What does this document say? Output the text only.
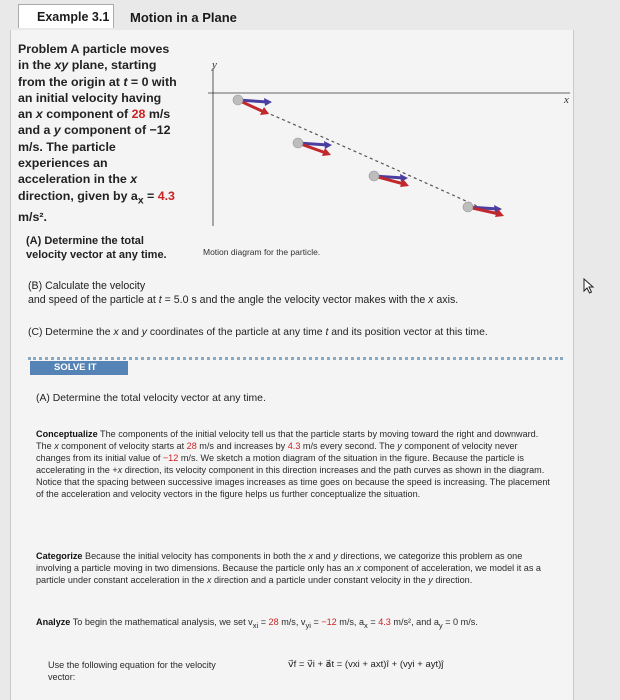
Example 3.1	Motion in a Plane
Problem A particle moves in the xy plane, starting from the origin at t = 0 with an initial velocity having an x component of 28 m/s and a y component of −12 m/s. The particle experiences an acceleration in the x direction, given by $a_x = 4.3$ m/s².
y
x
Motion diagram for the particle.
(A) Determine the total velocity vector at any time.
(B) Calculate the velocity
and speed of the particle at t = 5.0 s and the angle the velocity vector makes with the x axis.
(C) Determine the x and y coordinates of the particle at any time t and its position vector at this time.
SOLVE IT
(A) Determine the total velocity vector at any time.
Conceptualize The components of the initial velocity tell us that the particle starts by moving toward the right and downward. The x component of velocity starts at 28 m/s and increases by 4.3 m/s every second. The y component of velocity never changes from its initial value of −12 m/s. We sketch a motion diagram of the situation in the figure. Because the particle is accelerating in the +x direction, its velocity component in this direction increases and the path curves as shown in the diagram. Notice that the spacing between successive images increases as time goes on because the speed is increasing. The placement of the acceleration and velocity vectors in the figure helps us further conceptualize the situation.
Categorize Because the initial velocity has components in both the x and y directions, we categorize this problem as one involving a particle moving in two dimensions. Because the particle only has an x component of acceleration, we model it as a particle under constant acceleration in the x direction and a particle under constant velocity in the y direction.
Analyze To begin the mathematical analysis, we set $v_{xi} = 28$ m/s, $v_{yi} = -12$ m/s, $a_x = 4.3$ m/s², and $a_y = 0$ m/s.
Use the following equation for the velocity vector:
v⃗f = v⃗i + a⃗t = (vxi + axt)î + (vyi + ayt)ĵ
